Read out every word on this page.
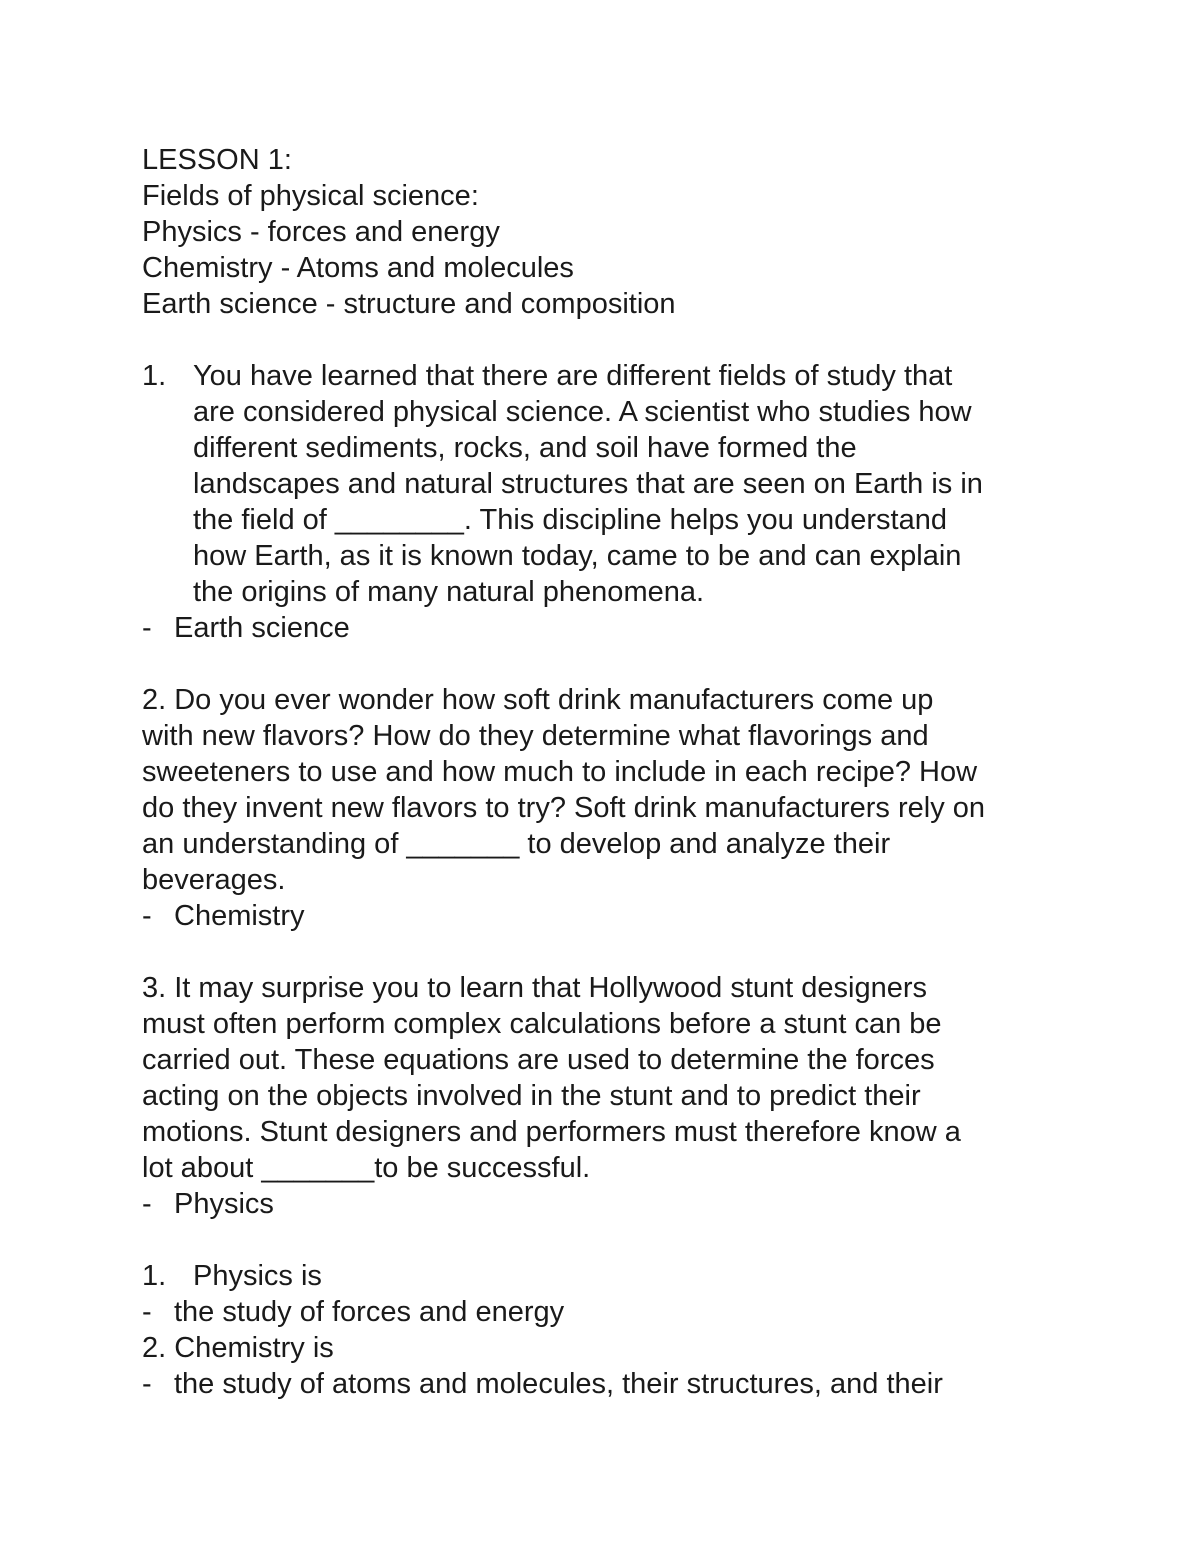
LESSON 1:

Fields of physical science:

Physics - forces and energy

Chemistry - Atoms and molecules

Earth science - structure and composition

1. You have learned that there are different fields of study that

are considered physical science. A scientist who studies how

different sediments, rocks, and soil have formed the

landscapes and natural structures that are seen on Earth is in

the field of ________. This discipline helps you understand

how Earth, as it is known today, came to be and can explain

the origins of many natural phenomena.

- Earth science

2. Do you ever wonder how soft drink manufacturers come up

with new flavors? How do they determine what flavorings and

sweeteners to use and how much to include in each recipe? How

do they invent new flavors to try? Soft drink manufacturers rely on

an understanding of _______ to develop and analyze their

beverages.

- Chemistry

3. It may surprise you to learn that Hollywood stunt designers

must often perform complex calculations before a stunt can be

carried out. These equations are used to determine the forces

acting on the objects involved in the stunt and to predict their

motions. Stunt designers and performers must therefore know a

lot about _______to be successful.

- Physics
1. Physics is

- the study of forces and energy

2. Chemistry is

- the study of atoms and molecules, their structures, and their
